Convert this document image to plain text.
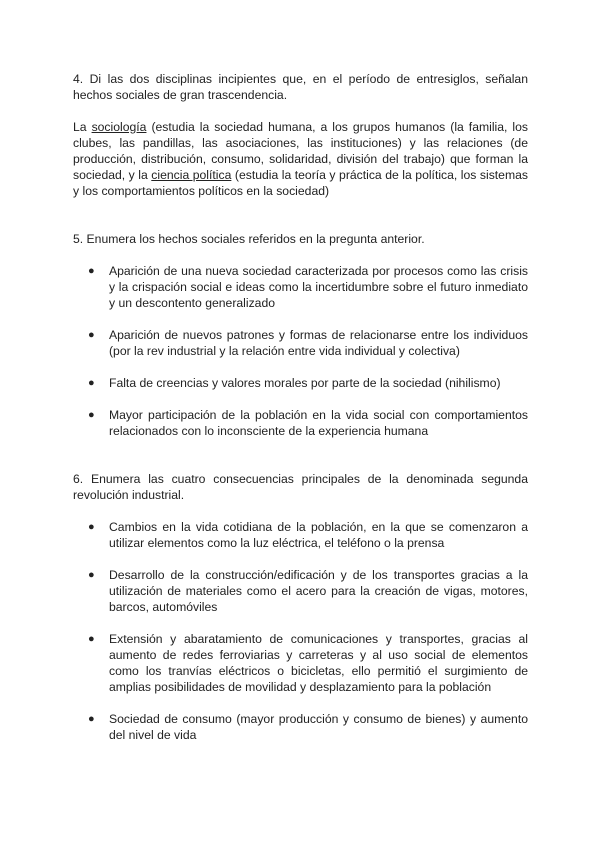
4. Di las dos disciplinas incipientes que, en el período de entresiglos, señalan hechos sociales de gran trascendencia.

La sociología (estudia la sociedad humana, a los grupos humanos (la familia, los clubes, las pandillas, las asociaciones, las instituciones) y las relaciones (de producción, distribución, consumo, solidaridad, división del trabajo) que forman la sociedad, y la ciencia política (estudia la teoría y práctica de la política, los sistemas y los comportamientos políticos en la sociedad)

5. Enumera los hechos sociales referidos en la pregunta anterior.

● Aparición de una nueva sociedad caracterizada por procesos como las crisis y la crispación social e ideas como la incertidumbre sobre el futuro inmediato y un descontento generalizado
● Aparición de nuevos patrones y formas de relacionarse entre los individuos (por la rev industrial y la relación entre vida individual y colectiva)
● Falta de creencias y valores morales por parte de la sociedad (nihilismo)
● Mayor participación de la población en la vida social con comportamientos relacionados con lo inconsciente de la experiencia humana

6. Enumera las cuatro consecuencias principales de la denominada segunda revolución industrial.

● Cambios en la vida cotidiana de la población, en la que se comenzaron a utilizar elementos como la luz eléctrica, el teléfono o la prensa
● Desarrollo de la construcción/edificación y de los transportes gracias a la utilización de materiales como el acero para la creación de vigas, motores, barcos, automóviles
● Extensión y abaratamiento de comunicaciones y transportes, gracias al aumento de redes ferroviarias y carreteras y al uso social de elementos como los tranvías eléctricos o bicicletas, ello permitió el surgimiento de amplias posibilidades de movilidad y desplazamiento para la población
● Sociedad de consumo (mayor producción y consumo de bienes) y aumento del nivel de vida
